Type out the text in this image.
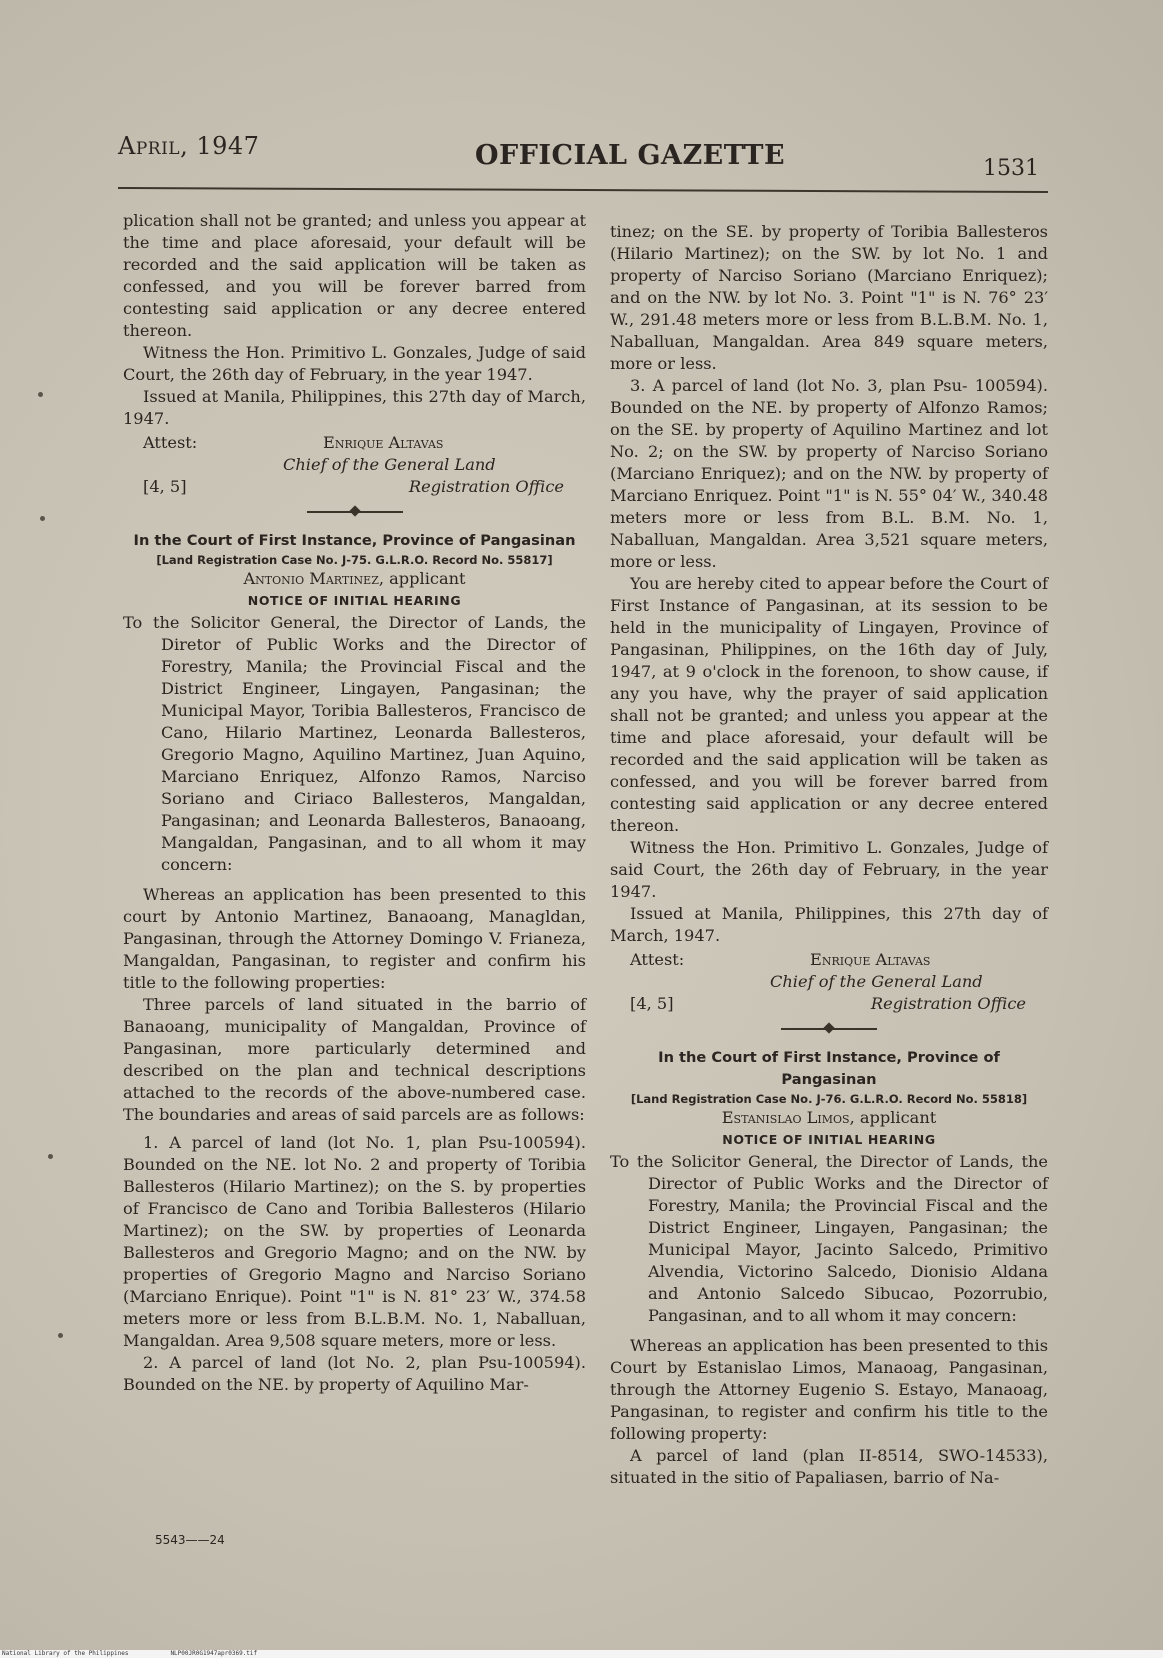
April, 1947	OFFICIAL GAZETTE	1531

plication shall not be granted; and unless you appear at the time and place aforesaid, your default will be recorded and the said application will be taken as confessed, and you will be forever barred from contesting said application or any decree entered thereon.

Witness the Hon. Primitivo L. Gonzales, Judge of said Court, the 26th day of February, in the year 1947.

Issued at Manila, Philippines, this 27th day of March, 1947.

Attest:	Enrique Altavas
Chief of the General Land
[4, 5]	Registration Office

In the Court of First Instance, Province of Pangasinan

[Land Registration Case No. J-75. G.L.R.O. Record No. 55817]

Antonio Martinez, applicant

NOTICE OF INITIAL HEARING

To the Solicitor General, the Director of Lands, the Diretor of Public Works and the Director of Forestry, Manila; the Provincial Fiscal and the District Engineer, Lingayen, Pangasinan; the Municipal Mayor, Toribia Ballesteros, Francisco de Cano, Hilario Martinez, Leonarda Ballesteros, Gregorio Magno, Aquilino Martinez, Juan Aquino, Marciano Enriquez, Alfonzo Ramos, Narciso Soriano and Ciriaco Ballesteros, Mangaldan, Pangasinan; and Leonarda Ballesteros, Banaoang, Mangaldan, Pangasinan, and to all whom it may concern:

Whereas an application has been presented to this court by Antonio Martinez, Banaoang, Managldan, Pangasinan, through the Attorney Domingo V. Frianeza, Mangaldan, Pangasinan, to register and confirm his title to the following properties:

Three parcels of land situated in the barrio of Banaoang, municipality of Mangaldan, Province of Pangasinan, more particularly determined and described on the plan and technical descriptions attached to the records of the above-numbered case. The boundaries and areas of said parcels are as follows:

1. A parcel of land (lot No. 1, plan Psu-100594). Bounded on the NE. lot No. 2 and property of Toribia Ballesteros (Hilario Martinez); on the S. by properties of Francisco de Cano and Toribia Ballesteros (Hilario Martinez); on the SW. by properties of Leonarda Ballesteros and Gregorio Magno; and on the NW. by properties of Gregorio Magno and Narciso Soriano (Marciano Enrique). Point "1" is N. 81° 23′ W., 374.58 meters more or less from B.L.B.M. No. 1, Naballuan, Mangaldan. Area 9,508 square meters, more or less.

2. A parcel of land (lot No. 2, plan Psu-100594). Bounded on the NE. by property of Aquilino Mar-

5543——24

tinez; on the SE. by property of Toribia Ballesteros (Hilario Martinez); on the SW. by lot No. 1 and property of Narciso Soriano (Marciano Enriquez); and on the NW. by lot No. 3. Point "1" is N. 76° 23′ W., 291.48 meters more or less from B.L.B.M. No. 1, Naballuan, Mangaldan. Area 849 square meters, more or less.

3. A parcel of land (lot No. 3, plan Psu- 100594). Bounded on the NE. by property of Alfonzo Ramos; on the SE. by property of Aquilino Martinez and lot No. 2; on the SW. by property of Narciso Soriano (Marciano Enriquez); and on the NW. by property of Marciano Enriquez. Point "1" is N. 55° 04′ W., 340.48 meters more or less from B.L. B.M. No. 1, Naballuan, Mangaldan. Area 3,521 square meters, more or less.

You are hereby cited to appear before the Court of First Instance of Pangasinan, at its session to be held in the municipality of Lingayen, Province of Pangasinan, Philippines, on the 16th day of July, 1947, at 9 o'clock in the forenoon, to show cause, if any you have, why the prayer of said application shall not be granted; and unless you appear at the time and place aforesaid, your default will be recorded and the said application will be taken as confessed, and you will be forever barred from contesting said application or any decree entered thereon.

Witness the Hon. Primitivo L. Gonzales, Judge of said Court, the 26th day of February, in the year 1947.

Issued at Manila, Philippines, this 27th day of March, 1947.

Attest:	Enrique Altavas
Chief of the General Land
[4, 5]	Registration Office

In the Court of First Instance, Province of Pangasinan

[Land Registration Case No. J-76. G.L.R.O. Record No. 55818]

Estanislao Limos, applicant

NOTICE OF INITIAL HEARING

To the Solicitor General, the Director of Lands, the Director of Public Works and the Director of Forestry, Manila; the Provincial Fiscal and the District Engineer, Lingayen, Pangasinan; the Municipal Mayor, Jacinto Salcedo, Primitivo Alvendia, Victorino Salcedo, Dionisio Aldana and Antonio Salcedo Sibucao, Pozorrubio, Pangasinan, and to all whom it may concern:

Whereas an application has been presented to this Court by Estanislao Limos, Manaoag, Pangasinan, through the Attorney Eugenio S. Estayo, Manaoag, Pangasinan, to register and confirm his title to the following property:

A parcel of land (plan II-8514, SWO-14533), situated in the sitio of Papaliasen, barrio of Na-

National Library of the Philippines	NLP00JR0G1947apr0369.tif
